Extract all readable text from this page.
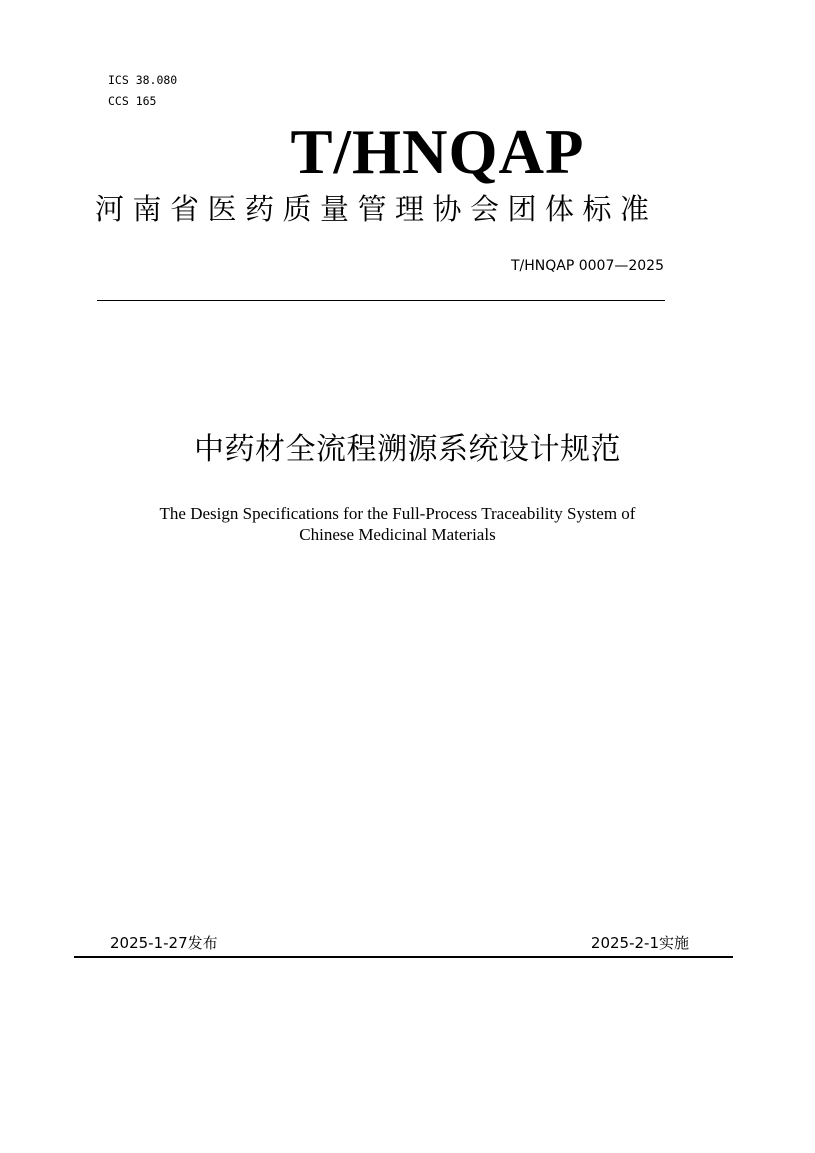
ICS 38.080
CCS 165
T/HNQAP
河南省医药质量管理协会团体标准
T/HNQAP 0007—2025
中药材全流程溯源系统设计规范
The Design Specifications for the Full-Process Traceability System of
Chinese Medicinal Materials
2025-1-27发布	2025-2-1实施
